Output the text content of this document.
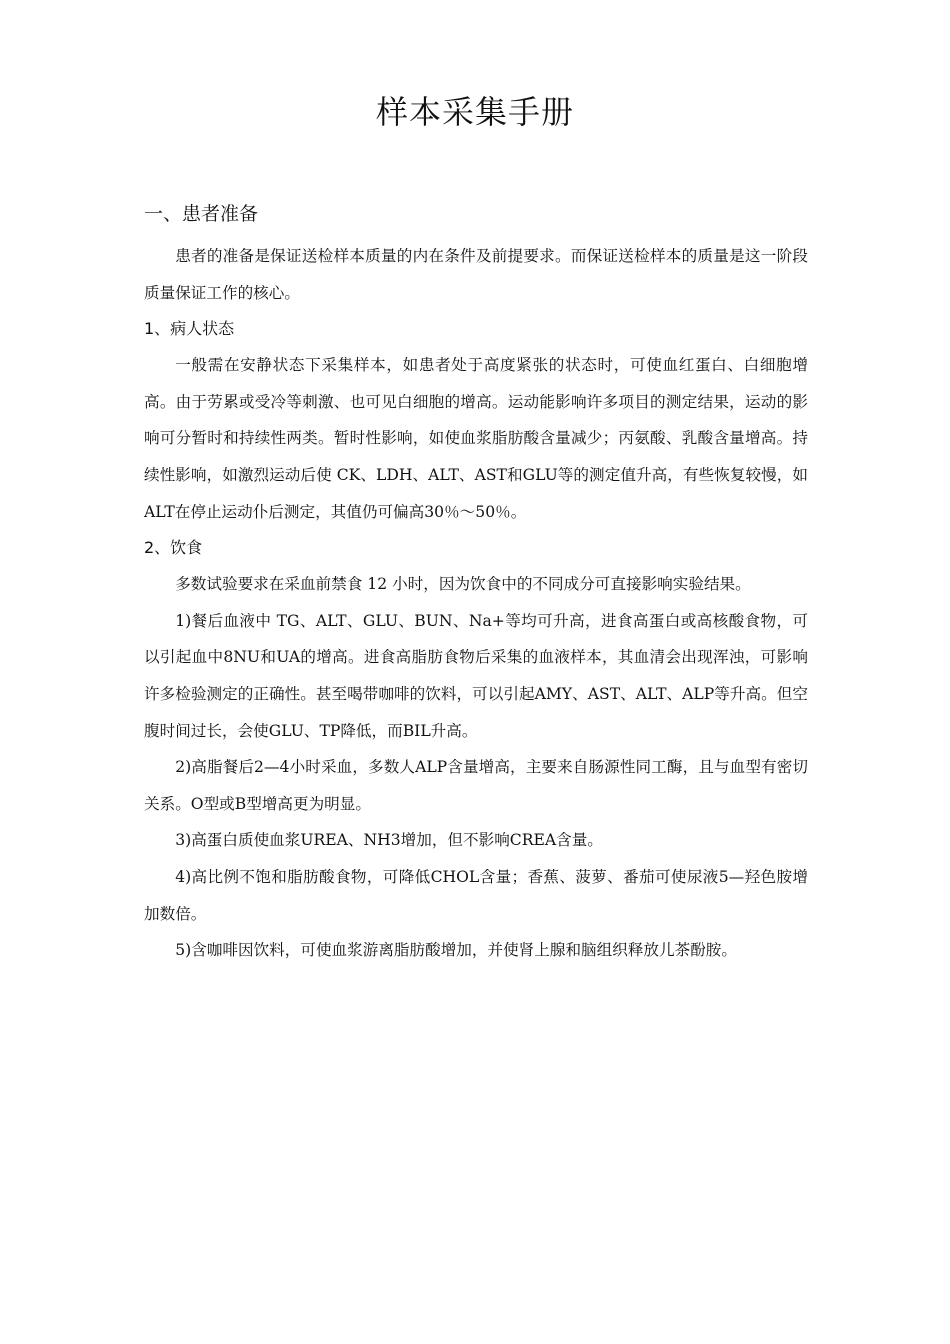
样本采集手册
一、患者准备

患者的准备是保证送检样本质量的内在条件及前提要求。而保证送检样本的质量是这一阶段质量保证工作的核心。

1、病人状态

一般需在安静状态下采集样本，如患者处于高度紧张的状态时，可使血红蛋白、白细胞增高。由于劳累或受冷等刺激、也可见白细胞的增高。运动能影响许多项目的测定结果，运动的影响可分暂时和持续性两类。暂时性影响，如使血浆脂肪酸含量减少；丙氨酸、乳酸含量增高。持续性影响，如激烈运动后使 CK、LDH、ALT、AST和GLU等的测定值升高，有些恢复较慢，如ALT在停止运动仆后测定，其值仍可偏高30％～50％。

2、饮食

多数试验要求在采血前禁食 12 小时，因为饮食中的不同成分可直接影响实验结果。

1)餐后血液中 TG、ALT、GLU、BUN、Na+等均可升高，进食高蛋白或高核酸食物，可以引起血中8NU和UA的增高。进食高脂肪食物后采集的血液样本，其血清会出现浑浊，可影响许多检验测定的正确性。甚至喝带咖啡的饮料，可以引起AMY、AST、ALT、ALP等升高。但空腹时间过长，会使GLU、TP降低，而BIL升高。

2)高脂餐后2—4小时采血，多数人ALP含量增高，主要来自肠源性同工酶，且与血型有密切关系。O型或B型增高更为明显。

3)高蛋白质使血浆UREA、NH3增加，但不影响CREA含量。

4)高比例不饱和脂肪酸食物，可降低CHOL含量；香蕉、菠萝、番茄可使尿液5—羟色胺增加数倍。

5)含咖啡因饮料，可使血浆游离脂肪酸增加，并使肾上腺和脑组织释放儿茶酚胺。
